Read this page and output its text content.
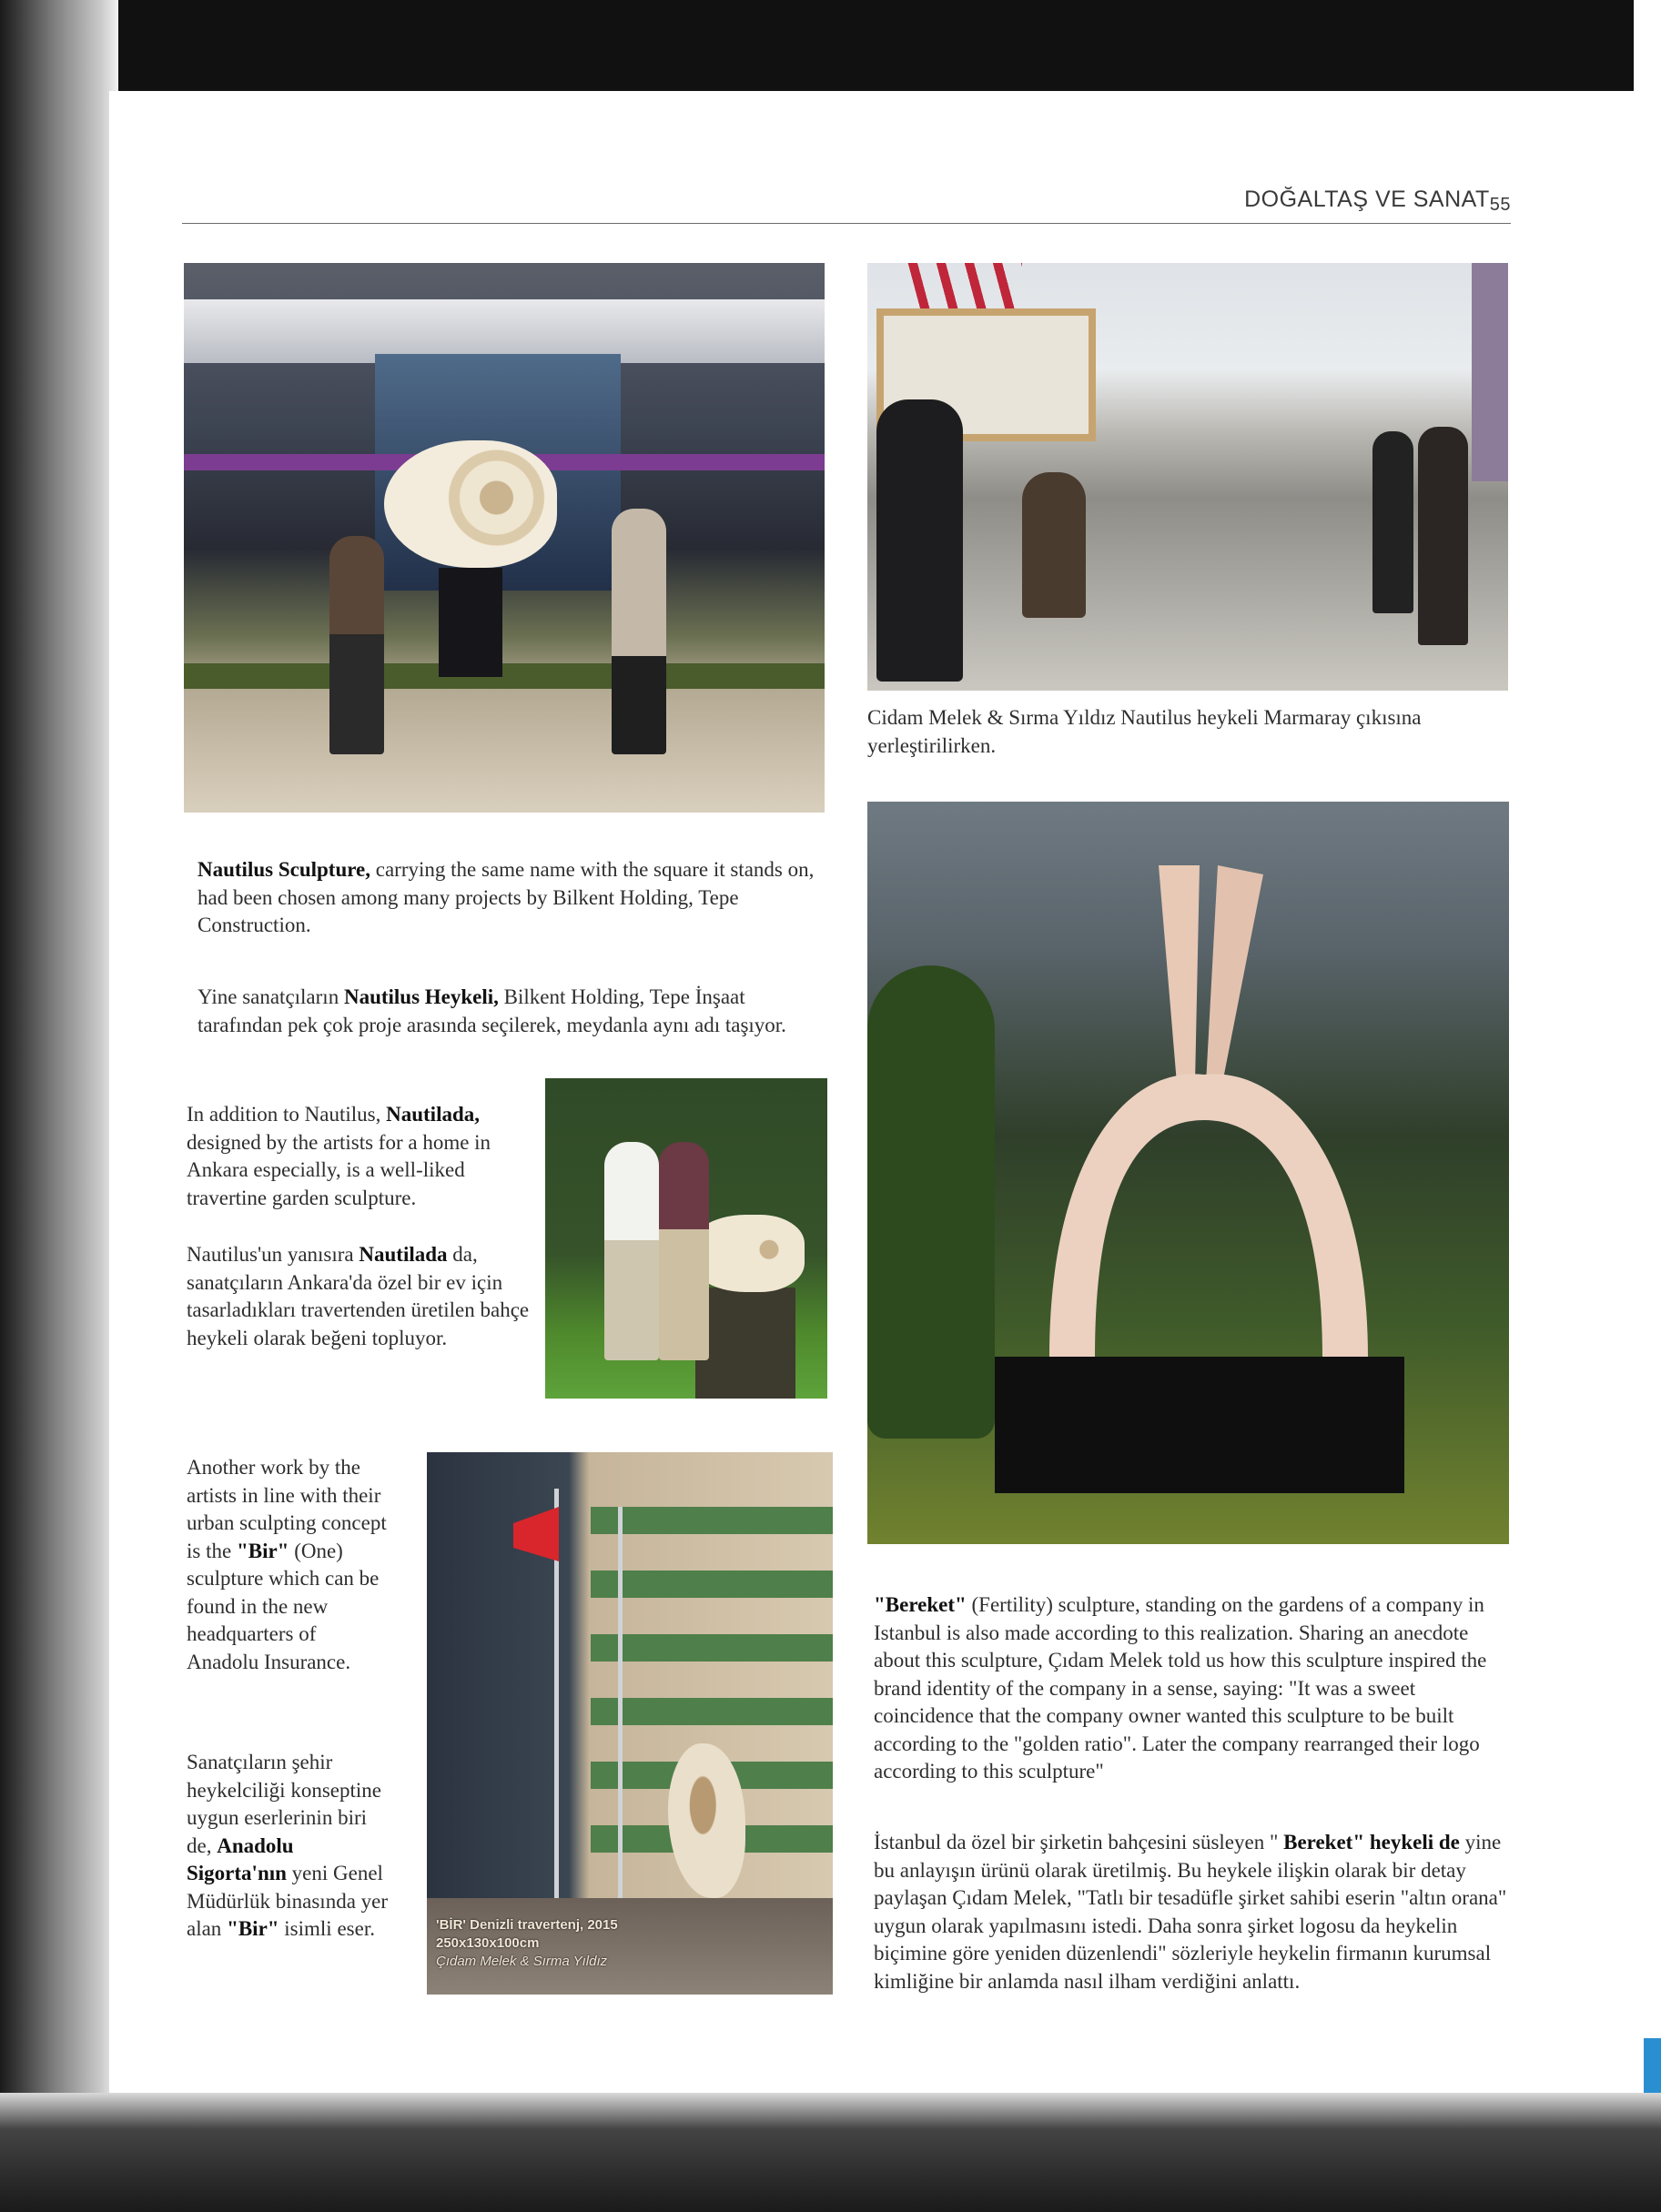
DOĞALTAŞ VE SANAT55
Cidam Melek & Sırma Yıldız Nautilus heykeli Marmaray çıkısına yerleştirilirken.
Nautilus Sculpture, carrying the same name with the square it stands on, had been chosen among many projects by Bilkent Holding, Tepe Construction.
Yine sanatçıların Nautilus Heykeli, Bilkent Holding, Tepe İnşaat tarafından pek çok proje arasında seçilerek, meydanla aynı adı taşıyor.
In addition to Nautilus, Nautilada, designed by the artists for a home in Ankara especially, is a well-liked travertine garden sculpture.
Nautilus'un yanısıra Nautilada da, sanatçıların Ankara'da özel bir ev için tasarladıkları travertenden üretilen bahçe heykeli olarak beğeni topluyor.
Another work by the artists in line with their urban sculpting concept is the "Bir" (One) sculpture which can be found in the new headquarters of Anadolu Insurance.
Sanatçıların şehir heykelciliği konseptine uygun eserlerinin biri de, Anadolu Sigorta'nın yeni Genel Müdürlük binasında yer alan "Bir" isimli eser.	'BİR' Denizli travertenj, 2015
250x130x100cm
Çıdam Melek & Sırma Yıldız
"Bereket" (Fertility) sculpture, standing on the gardens of a company in Istanbul is also made according to this realization. Sharing an anecdote about this sculpture, Çıdam Melek told us how this sculpture inspired the brand identity of the company in a sense, saying: "It was a sweet coincidence that the company owner wanted this sculpture to be built according to the "golden ratio". Later the company rearranged their logo according to this sculpture"
İstanbul da özel bir şirketin bahçesini süsleyen " Bereket" heykeli de yine bu anlayışın ürünü olarak üretilmiş. Bu heykele ilişkin olarak bir detay paylaşan Çıdam Melek, "Tatlı bir tesadüfle şirket sahibi eserin "altın orana" uygun olarak yapılmasını istedi. Daha sonra şirket logosu da heykelin biçimine göre yeniden düzenlendi" sözleriyle heykelin firmanın kurumsal kimliğine bir anlamda nasıl ilham verdiğini anlattı.
